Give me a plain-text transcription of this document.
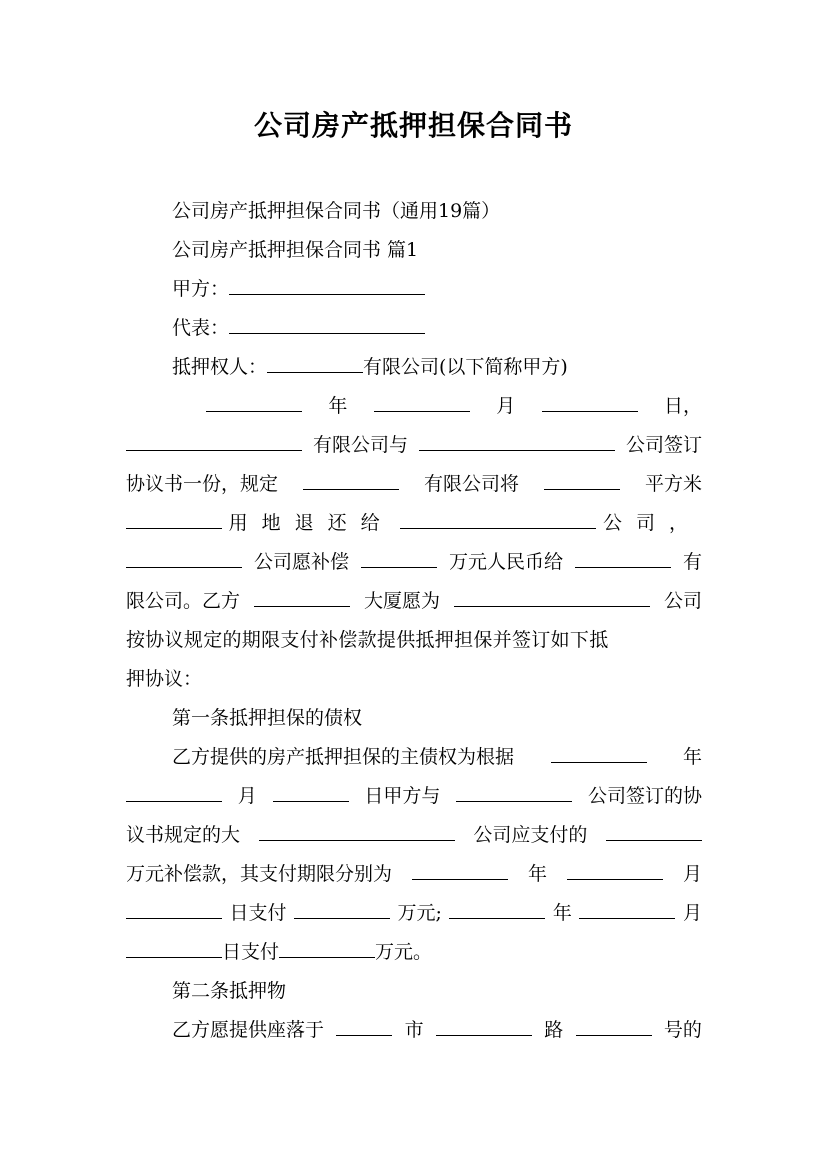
公司房产抵押担保合同书
公司房产抵押担保合同书（通用19篇）
公司房产抵押担保合同书 篇1
甲方：
代表：
抵押权人：	有限公司(以下简称甲方)
年	月	日，
有限公司与	公司签订
协议书一份，规定	有限公司将	平方米
用地退还给	公司，
公司愿补偿	万元人民币给	有
限公司。乙方	大厦愿为	公司
按协议规定的期限支付补偿款提供抵押担保并签订如下抵
押协议：
第一条抵押担保的债权
乙方提供的房产抵押担保的主债权为根据	年
月	日甲方与	公司签订的协
议书规定的大	公司应支付的
万元补偿款，其支付期限分别为	年	月
日支付	万元;	年	月
日支付	万元。
第二条抵押物
乙方愿提供座落于	市	路	号的
